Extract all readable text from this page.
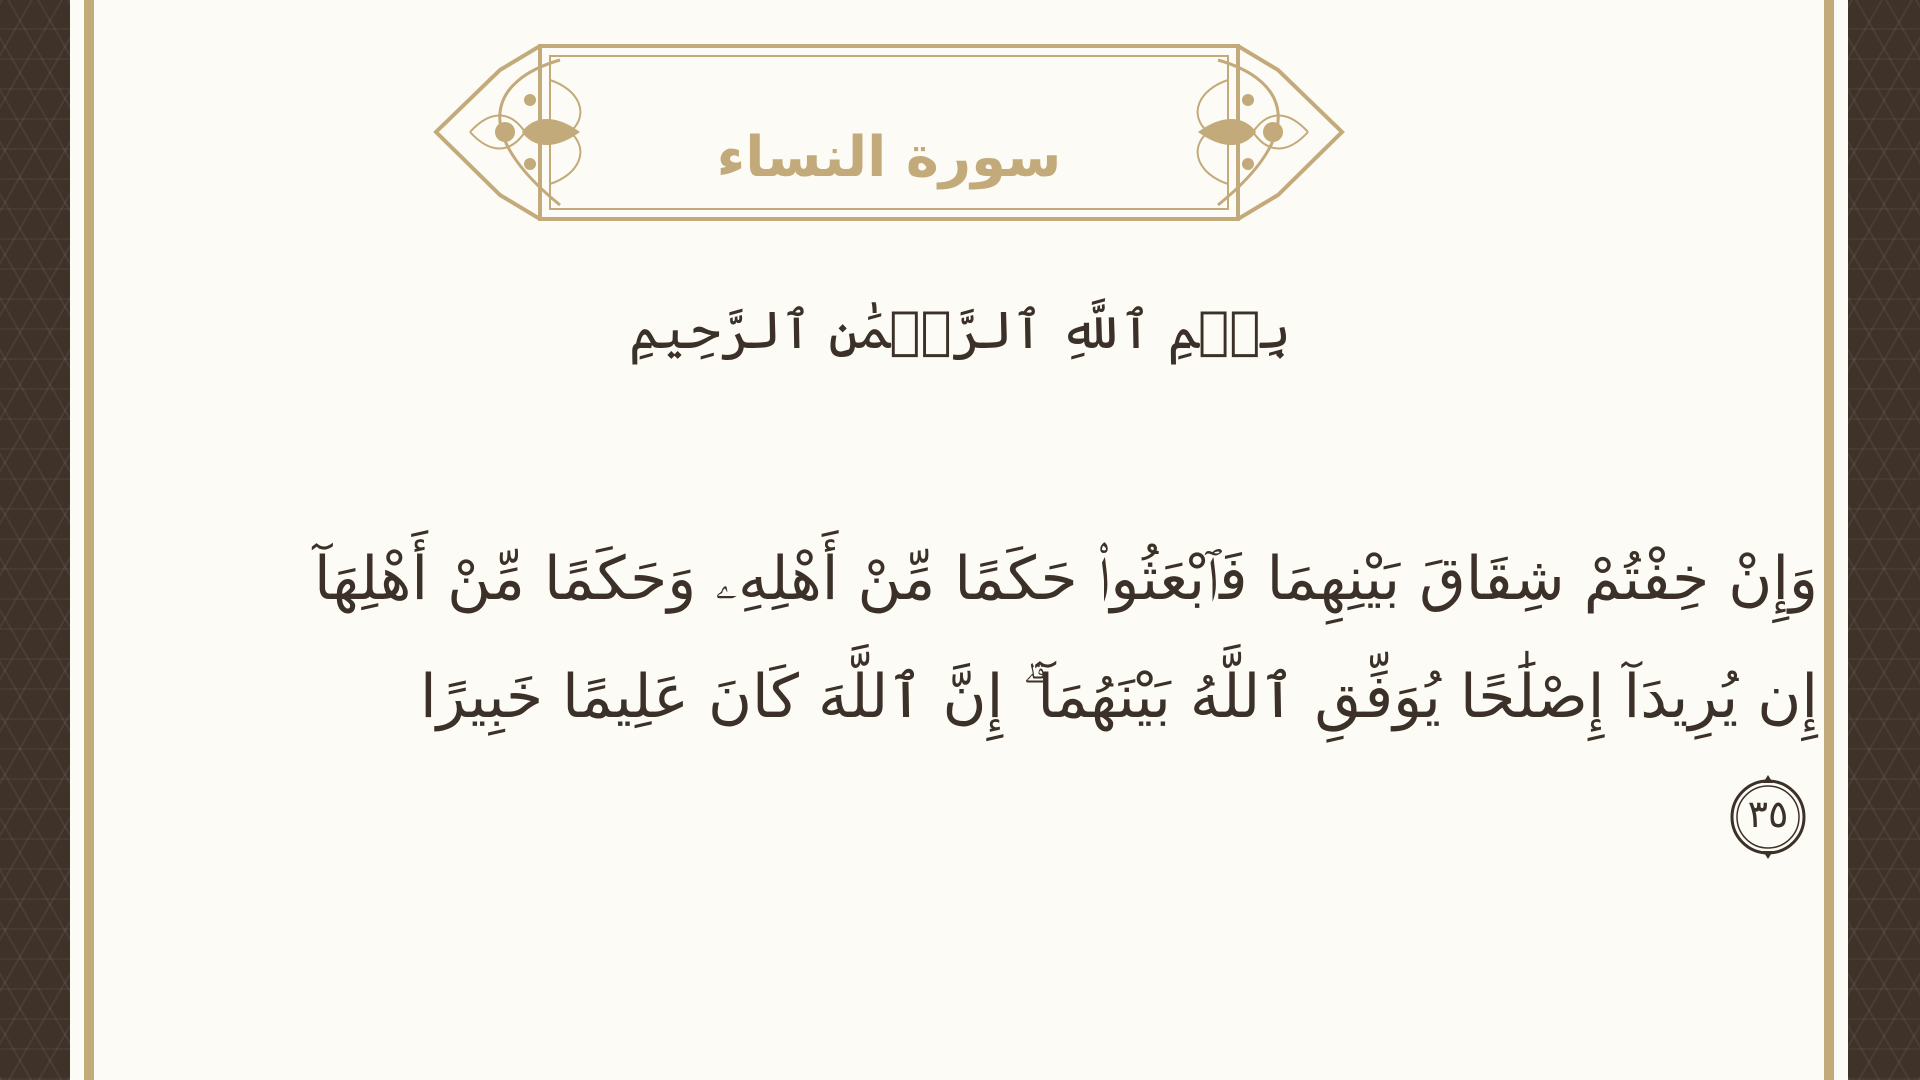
سورة النساء
بِسۡمِ ٱللَّهِ ٱلرَّحۡمَٰنِ ٱلرَّحِيمِ
وَإِنْ خِفْتُمْ شِقَاقَ بَيْنِهِمَا فَٱبْعَثُوا۟ حَكَمًا مِّنْ أَهْلِهِۦ وَحَكَمًا مِّنْ أَهْلِهَآ
إِن يُرِيدَآ إِصْلَٰحًا يُوَفِّقِ ٱللَّهُ بَيْنَهُمَآ ۗ إِنَّ ٱللَّهَ كَانَ عَلِيمًا خَبِيرًا
٣٥
